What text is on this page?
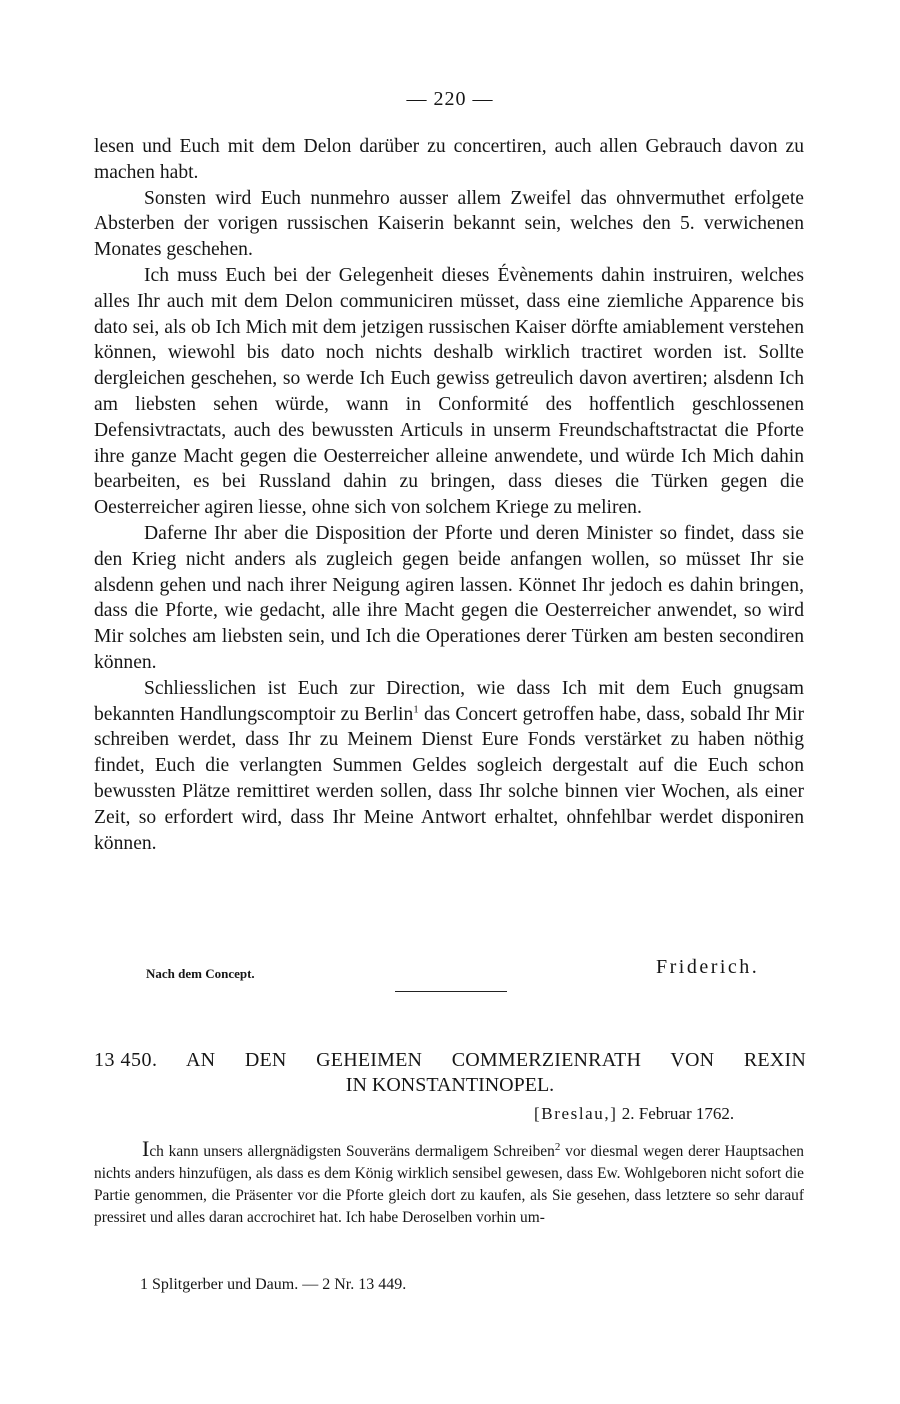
— 220 —

lesen und Euch mit dem Delon darüber zu concertiren, auch allen Gebrauch davon zu machen habt.

Sonsten wird Euch nunmehro ausser allem Zweifel das ohnvermuthet erfolgete Absterben der vorigen russischen Kaiserin bekannt sein, welches den 5. verwichenen Monates geschehen.

Ich muss Euch bei der Gelegenheit dieses Évènements dahin instruiren, welches alles Ihr auch mit dem Delon communiciren müsset, dass eine ziemliche Apparence bis dato sei, als ob Ich Mich mit dem jetzigen russischen Kaiser dörfte amiablement verstehen können, wiewohl bis dato noch nichts deshalb wirklich tractiret worden ist. Sollte dergleichen geschehen, so werde Ich Euch gewiss getreulich davon avertiren; alsdenn Ich am liebsten sehen würde, wann in Conformité des hoffentlich geschlossenen Defensivtractats, auch des bewussten Articuls in unserm Freundschaftstractat die Pforte ihre ganze Macht gegen die Oesterreicher alleine anwendete, und würde Ich Mich dahin bearbeiten, es bei Russland dahin zu bringen, dass dieses die Türken gegen die Oesterreicher agiren liesse, ohne sich von solchem Kriege zu meliren.

Daferne Ihr aber die Disposition der Pforte und deren Minister so findet, dass sie den Krieg nicht anders als zugleich gegen beide anfangen wollen, so müsset Ihr sie alsdenn gehen und nach ihrer Neigung agiren lassen. Könnet Ihr jedoch es dahin bringen, dass die Pforte, wie gedacht, alle ihre Macht gegen die Oesterreicher anwendet, so wird Mir solches am liebsten sein, und Ich die Operationes derer Türken am besten secondiren können.

Schliesslichen ist Euch zur Direction, wie dass Ich mit dem Euch gnugsam bekannten Handlungscomptoir zu Berlin$^1$ das Concert getroffen habe, dass, sobald Ihr Mir schreiben werdet, dass Ihr zu Meinem Dienst Eure Fonds verstärket zu haben nöthig findet, Euch die verlangten Summen Geldes sogleich dergestalt auf die Euch schon bewussten Plätze remittiret werden sollen, dass Ihr solche binnen vier Wochen, als einer Zeit, so erfordert wird, dass Ihr Meine Antwort erhaltet, ohnfehlbar werdet disponiren können.

Nach dem Concept.	Friderich.
13 450. AN DEN GEHEIMEN COMMERZIENRATH VON REXIN
IN KONSTANTINOPEL.
[Breslau,] 2. Februar 1762.

Ich kann unsers allergnädigsten Souveräns dermaligem Schreiben$^2$ vor diesmal wegen derer Hauptsachen nichts anders hinzufügen, als dass es dem König wirklich sensibel gewesen, dass Ew. Wohlgeboren nicht sofort die Partie genommen, die Präsenter vor die Pforte gleich dort zu kaufen, als Sie gesehen, dass letztere so sehr darauf pressiret und alles daran accrochiret hat. Ich habe Deroselben vorhin um-

1 Splitgerber und Daum. — 2 Nr. 13 449.
